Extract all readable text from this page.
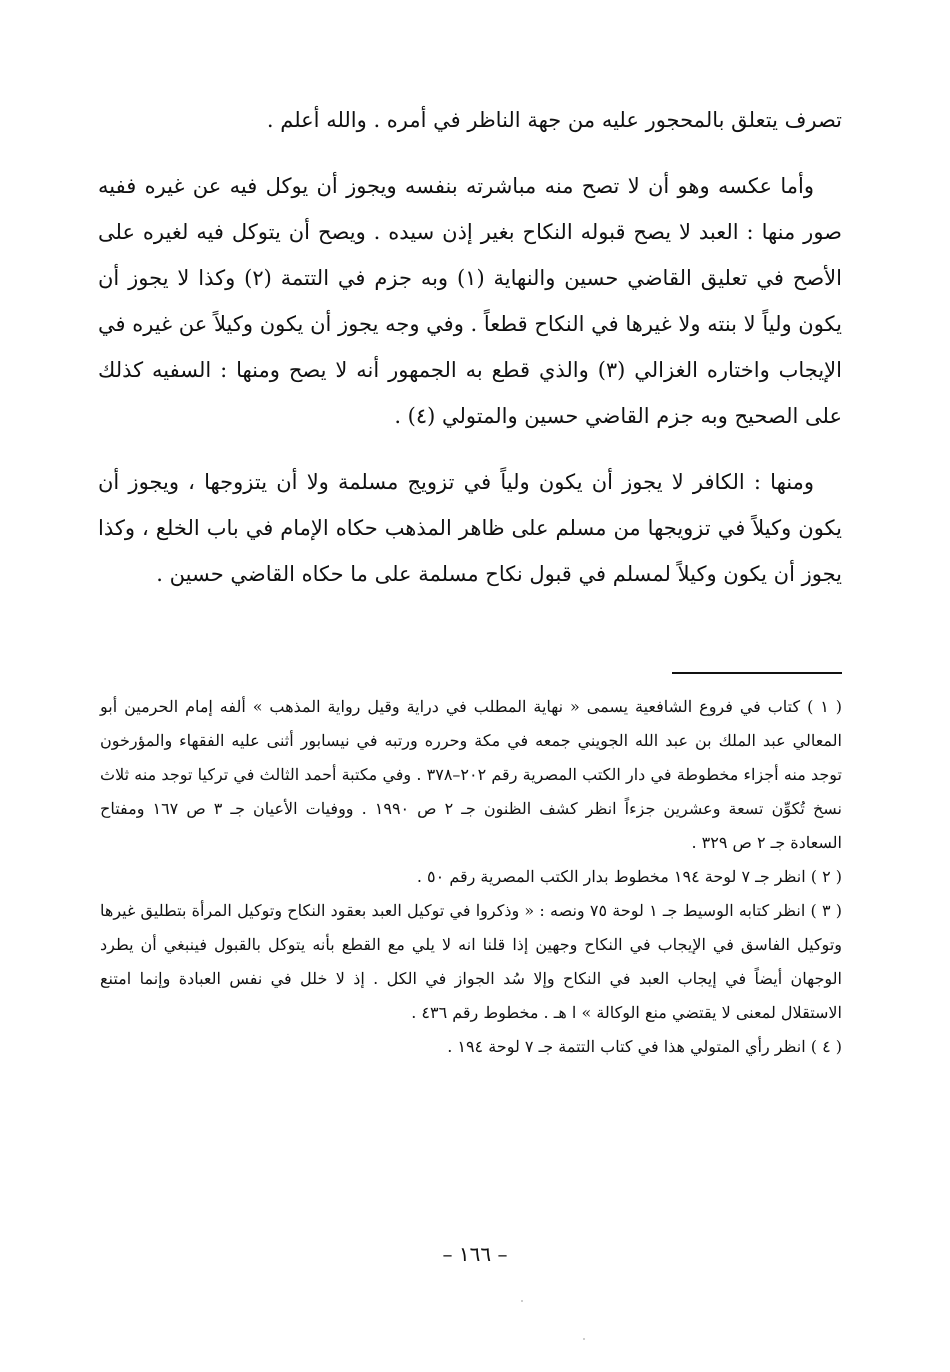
تصرف يتعلق بالمحجور عليه من جهة الناظر في أمره . والله أعلم .

وأما عكسه وهو أن لا تصح منه مباشرته بنفسه ويجوز أن يوكل فيه عن غيره ففيه صور منها : العبد لا يصح قبوله النكاح بغير إذن سيده . ويصح أن يتوكل فيه لغيره على الأصح في تعليق القاضي حسين والنهاية (١) وبه جزم في التتمة (٢) وكذا لا يجوز أن يكون ولياً لا بنته ولا غيرها في النكاح قطعاً . وفي وجه يجوز أن يكون وكيلاً عن غيره في الإيجاب واختاره الغزالي (٣) والذي قطع به الجمهور أنه لا يصح ومنها : السفيه كذلك على الصحيح وبه جزم القاضي حسين والمتولي (٤) .

ومنها : الكافر لا يجوز أن يكون ولياً في تزويج مسلمة ولا أن يتزوجها ، ويجوز أن يكون وكيلاً في تزويجها من مسلم على ظاهر المذهب حكاه الإمام في باب الخلع ، وكذا يجوز أن يكون وكيلاً لمسلم في قبول نكاح مسلمة على ما حكاه القاضي حسين .

( ١ ) كتاب في فروع الشافعية يسمى « نهاية المطلب في دراية وقيل رواية المذهب » ألفه إمام الحرمين أبو المعالي عبد الملك بن عبد الله الجويني جمعه في مكة وحرره ورتبه في نيسابور أثنى عليه الفقهاء والمؤرخون توجد منه أجزاء مخطوطة في دار الكتب المصرية رقم ٢٠٢–٣٧٨ . وفي مكتبة أحمد الثالث في تركيا توجد منه ثلاث نسخ تُكوِّن تسعة وعشرين جزءاً انظر كشف الظنون جـ ٢ ص ١٩٩٠ . ووفيات الأعيان جـ ٣ ص ١٦٧ ومفتاح السعادة جـ ٢ ص ٣٢٩ .

( ٢ ) انظر جـ ٧ لوحة ١٩٤ مخطوط بدار الكتب المصرية رقم ٥٠ .

( ٣ ) انظر كتابه الوسيط جـ ١ لوحة ٧٥ ونصه : « وذكروا في توكيل العبد بعقود النكاح وتوكيل المرأة بتطليق غيرها وتوكيل الفاسق في الإيجاب في النكاح وجهين إذا قلنا انه لا يلي مع القطع بأنه يتوكل بالقبول فينبغي أن يطرد الوجهان أيضاً في إيجاب العبد في النكاح وإلا سُد الجواز في الكل . إذ لا خلل في نفس العبادة وإنما امتنع الاستقلال لمعنى لا يقتضي منع الوكالة » ا هـ . مخطوط رقم ٤٣٦ .

( ٤ ) انظر رأي المتولي هذا في كتاب التتمة جـ ٧ لوحة ١٩٤ .

– ١٦٦ –
